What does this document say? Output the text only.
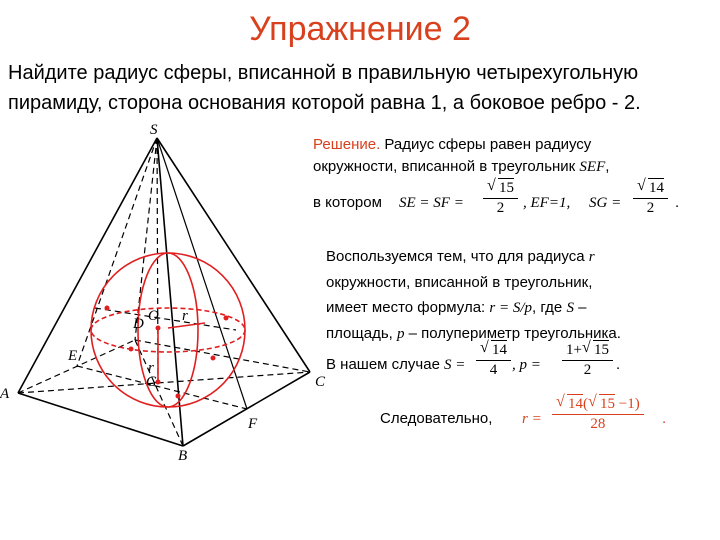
Упражнение 2
Найдите радиус сферы, вписанной в правильную четырехугольную
пирамиду, сторона основания которой равна 1, а боковое ребро - 2.
S
O r
D
E
r
G
A
C
F
B
Решение. Радиус сферы равен радиусу
окружности, вписанной в треугольник SEF,
в котором SE = SF = √ $\frac{15}{2}$ , EF=1, SG = √ $\frac{14}{2}$ .
Воспользуемся тем, что для радиуса r
окружности, вписанной в треугольник,
имеет место формула: r = S/p, где S –
площадь, p – полупериметр треугольника.
В нашем случае S = √ $\frac{14}{4}$ , $p = \frac{1+ √ 15}{2}$ .
Следовательно, r = √ $\frac{14( √ 15 -1)}{28}$ .
